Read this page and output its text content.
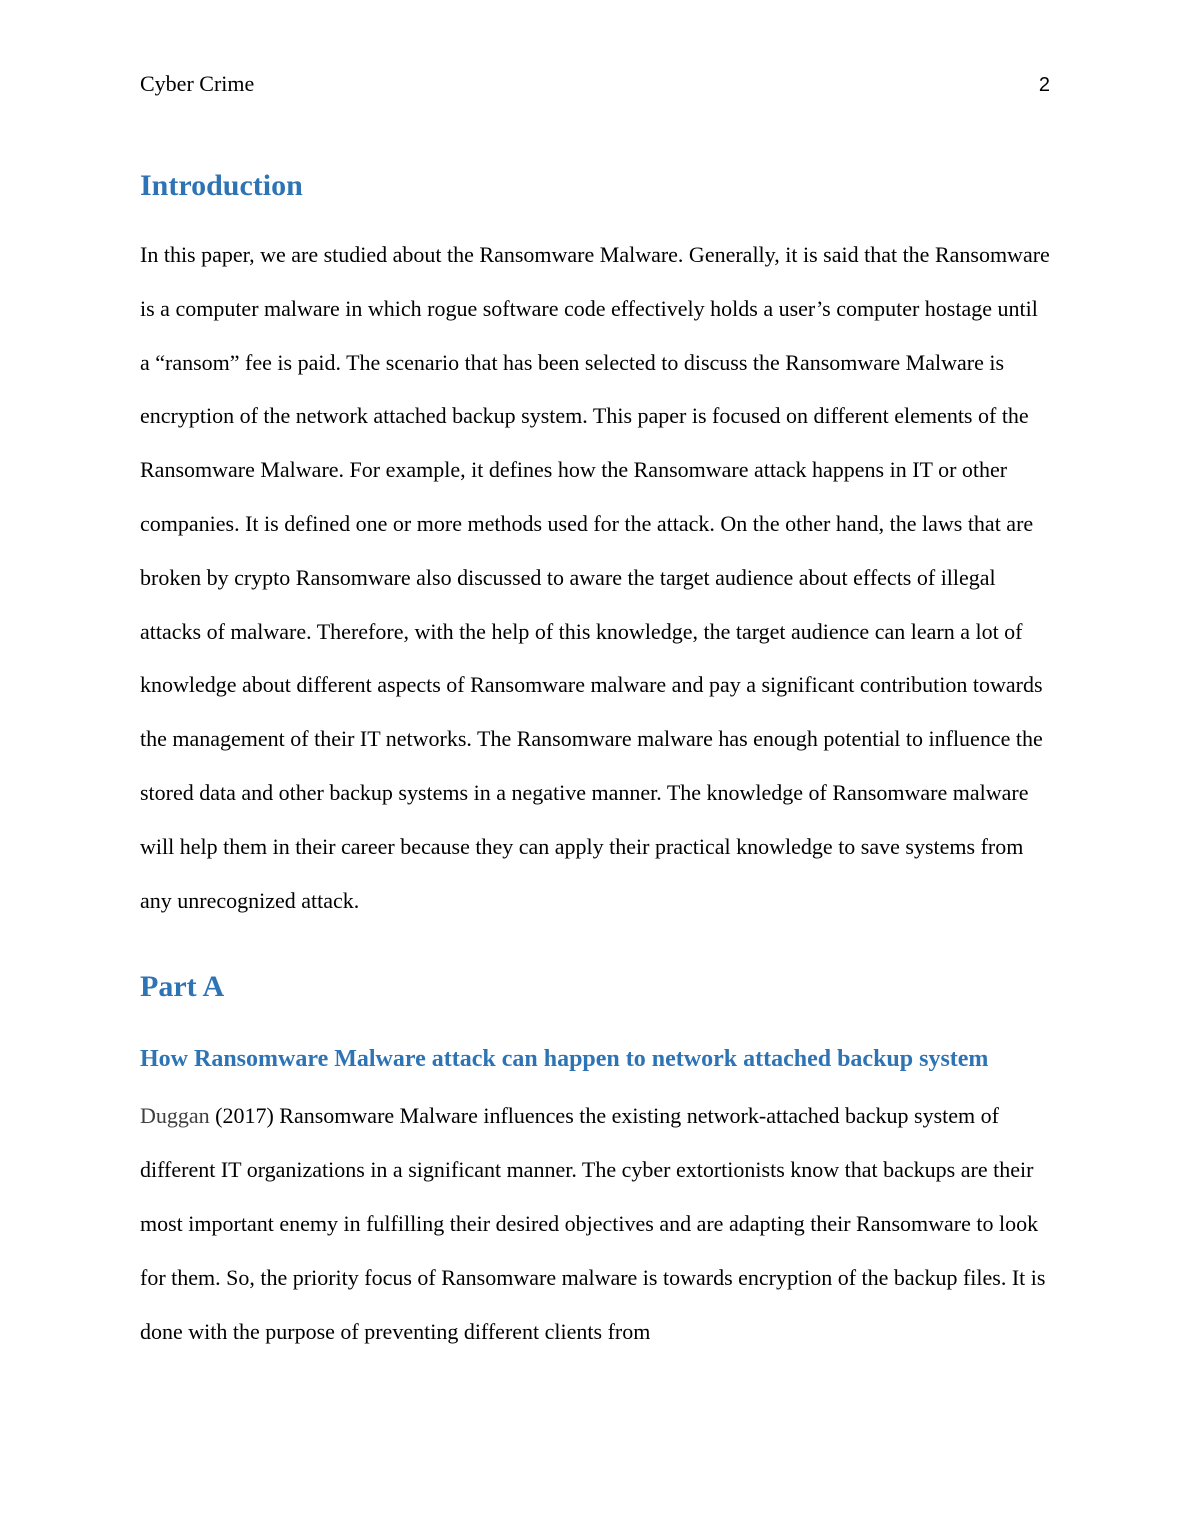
Cyber Crime	2
Introduction

In this paper, we are studied about the Ransomware Malware. Generally, it is said that the Ransomware is a computer malware in which rogue software code effectively holds a user’s computer hostage until a “ransom” fee is paid. The scenario that has been selected to discuss the Ransomware Malware is encryption of the network attached backup system. This paper is focused on different elements of the Ransomware Malware. For example, it defines how the Ransomware attack happens in IT or other companies. It is defined one or more methods used for the attack. On the other hand, the laws that are broken by crypto Ransomware also discussed to aware the target audience about effects of illegal attacks of malware. Therefore, with the help of this knowledge, the target audience can learn a lot of knowledge about different aspects of Ransomware malware and pay a significant contribution towards the management of their IT networks. The Ransomware malware has enough potential to influence the stored data and other backup systems in a negative manner. The knowledge of Ransomware malware will help them in their career because they can apply their practical knowledge to save systems from any unrecognized attack.

Part A
How Ransomware Malware attack can happen to network attached backup system

Duggan (2017) Ransomware Malware influences the existing network-attached backup system of different IT organizations in a significant manner. The cyber extortionists know that backups are their most important enemy in fulfilling their desired objectives and are adapting their Ransomware to look for them. So, the priority focus of Ransomware malware is towards encryption of the backup files. It is done with the purpose of preventing different clients from
